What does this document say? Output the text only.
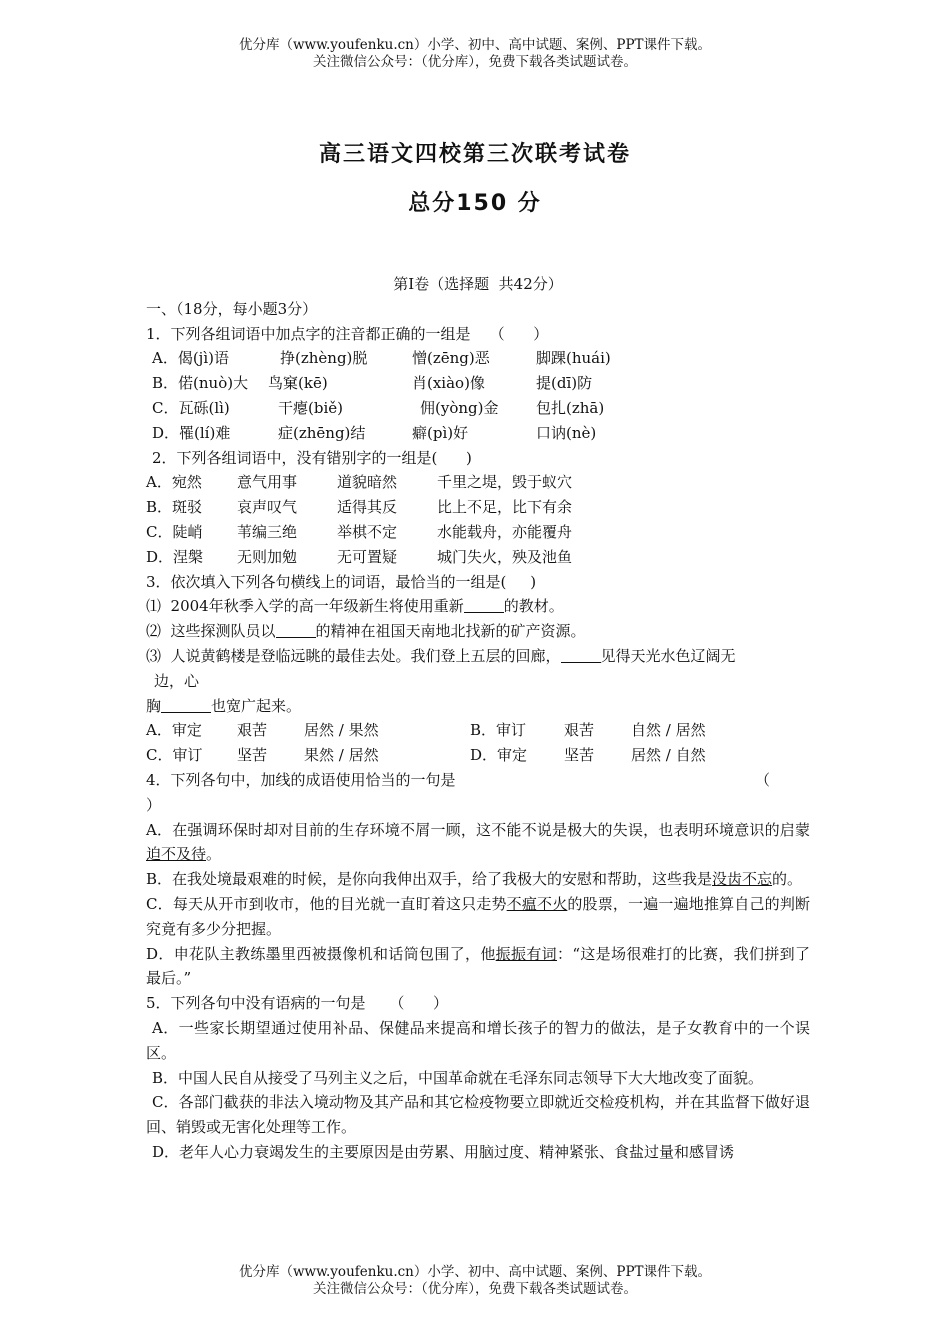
优分库（www.youfenku.cn）小学、初中、高中试题、案例、PPT课件下载。
关注微信公众号：（优分库），免费下载各类试题试卷。
高三语文四校第三次联考试卷
总分150 分

第Ⅰ卷（选择题  共42分）

一、（18分，每小题3分）

1．下列各组词语中加点字的注音都正确的一组是    （      ）

A．偈(jì)语	挣(zhèng)脱	憎(zēng)恶	脚踝(huái)

B．偌(nuò)大 鸟窠(kē)	肖(xiào)像	提(dī)防

C．瓦砾(lì)	干瘪(biě)	佣(yòng)金	包扎(zhā)

D．罹(lí)难	症(zhēng)结	癖(pì)好	口讷(nè)

2．下列各组词语中，没有错别字的一组是(      )

A．宛然 意气用事	道貌暗然	千里之堤，毁于蚁穴

B．斑驳 哀声叹气	适得其反	比上不足，比下有余

C．陡峭 苇编三绝	举棋不定	水能载舟，亦能覆舟

D．涅槃 无则加勉	无可置疑	城门失火，殃及池鱼

3．依次填入下列各句横线上的词语，最恰当的一组是(     )

⑴  2004年秋季入学的高一年级新生将使用重新	的教材。

⑵  这些探测队员以	的精神在祖国天南地北找新的矿产资源。

⑶  人说黄鹤楼是登临远眺的最佳去处。我们登上五层的回廊，	见得天光水色辽阔无

边，心

胸	也宽广起来。

A．审定 艰苦 居然 / 果然	B．审订	艰苦 自然 / 居然

C．审订 坚苦 果然 / 居然	D．审定 坚苦 居然 / 自然

4．下列各句中，加线的成语使用恰当的一句是	（

）

A．在强调环保时却对目前的生存环境不屑一顾，这不能不说是极大的失误，也表明环境意识的启蒙迫不及待。

B．在我处境最艰难的时候，是你向我伸出双手，给了我极大的安慰和帮助，这些我是没齿不忘的。

C．每天从开市到收市，他的目光就一直盯着这只走势不瘟不火的股票，一遍一遍地推算自己的判断究竟有多少分把握。

D．申花队主教练墨里西被摄像机和话筒包围了，他振振有词：“这是场很难打的比赛，我们拼到了最后。”

5．下列各句中没有语病的一句是     （      ）

A．一些家长期望通过使用补品、保健品来提高和增长孩子的智力的做法，是子女教育中的一个误区。

B．中国人民自从接受了马列主义之后，中国革命就在毛泽东同志领导下大大地改变了面貌。

C．各部门截获的非法入境动物及其产品和其它检疫物要立即就近交检疫机构，并在其监督下做好退回、销毁或无害化处理等工作。

D．老年人心力衰竭发生的主要原因是由劳累、用脑过度、精神紧张、食盐过量和感冒诱

优分库（www.youfenku.cn）小学、初中、高中试题、案例、PPT课件下载。
关注微信公众号：（优分库），免费下载各类试题试卷。
